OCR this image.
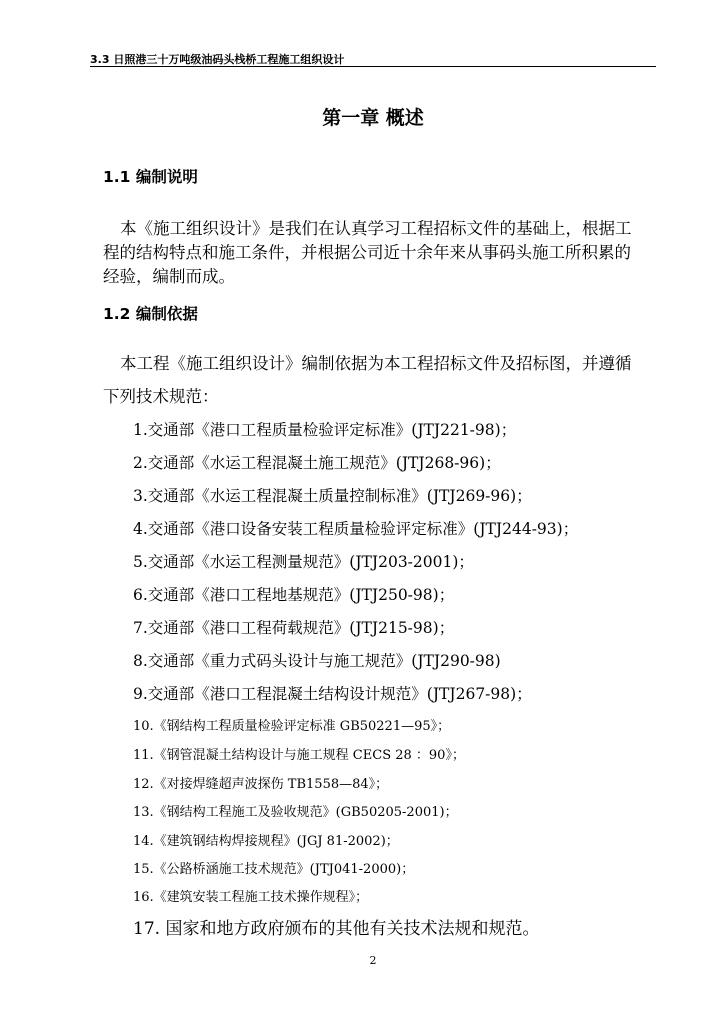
3.3 日照港三十万吨级油码头栈桥工程施工组织设计
第一章 概述
1.1 编制说明
本《施工组织设计》是我们在认真学习工程招标文件的基础上，根据工
程的结构特点和施工条件，并根据公司近十余年来从事码头施工所积累的
经验，编制而成。
1.2 编制依据
本工程《施工组织设计》编制依据为本工程招标文件及招标图，并遵循
下列技术规范：
1.交通部《港口工程质量检验评定标准》(JTJ221-98)；
2.交通部《水运工程混凝土施工规范》(JTJ268-96)；
3.交通部《水运工程混凝土质量控制标准》(JTJ269-96)；
4.交通部《港口设备安装工程质量检验评定标准》(JTJ244-93)；
5.交通部《水运工程测量规范》(JTJ203-2001)；
6.交通部《港口工程地基规范》(JTJ250-98)；
7.交通部《港口工程荷载规范》(JTJ215-98)；
8.交通部《重力式码头设计与施工规范》(JTJ290-98)
9.交通部《港口工程混凝土结构设计规范》(JTJ267-98)；
10.《钢结构工程质量检验评定标准 GB50221—95》；
11.《钢管混凝土结构设计与施工规程 CECS 28 ：90》；
12.《对接焊缝超声波探伤 TB1558—84》；
13.《钢结构工程施工及验收规范》(GB50205-2001)；
14.《建筑钢结构焊接规程》(JGJ 81-2002)；
15.《公路桥涵施工技术规范》(JTJ041-2000)；
16.《建筑安装工程施工技术操作规程》；
17. 国家和地方政府颁布的其他有关技术法规和规范。
2
